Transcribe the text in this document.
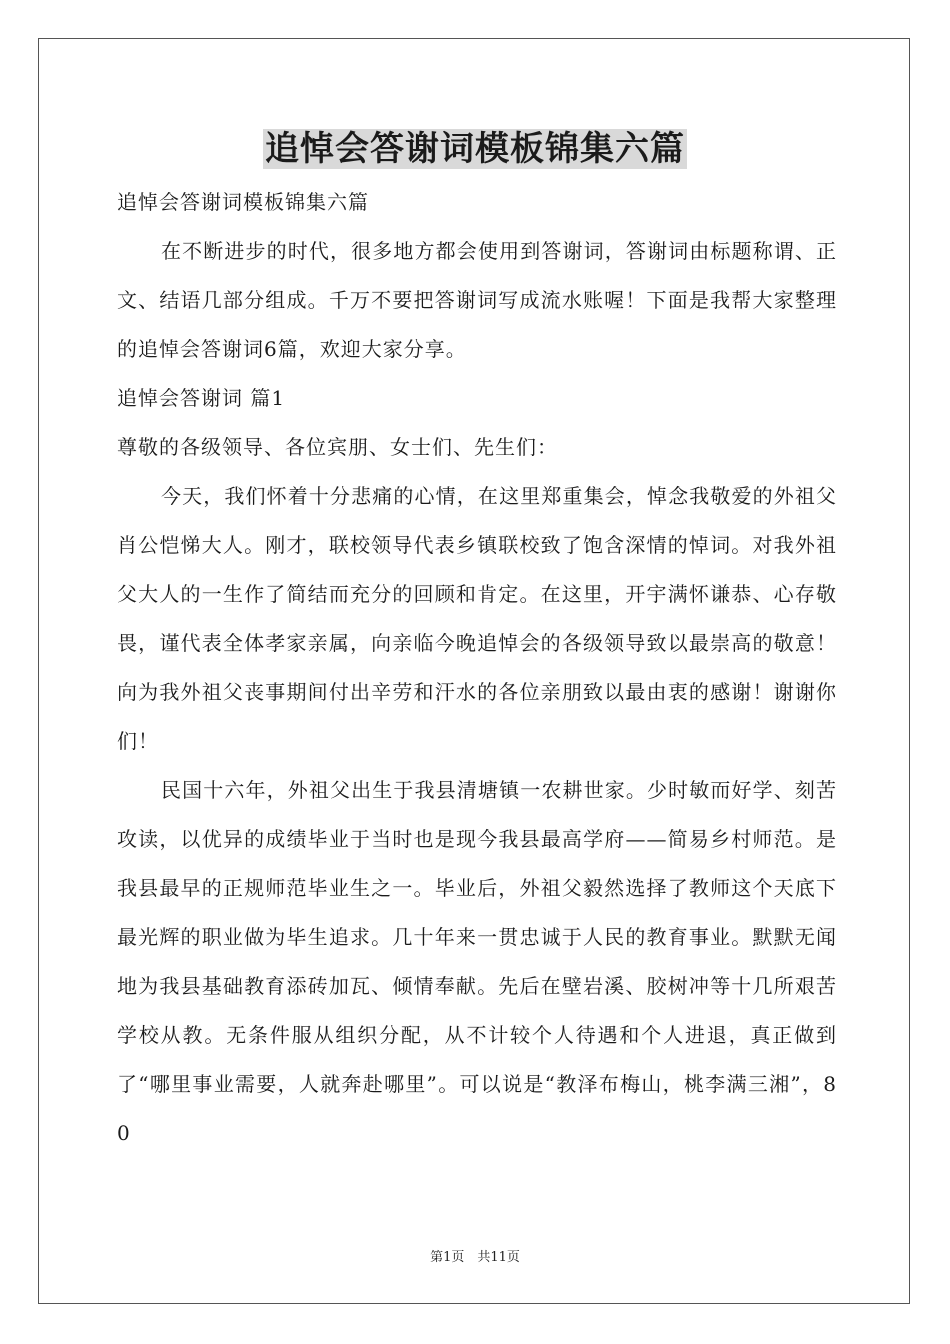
追悼会答谢词模板锦集六篇

追悼会答谢词模板锦集六篇

在不断进步的时代，很多地方都会使用到答谢词，答谢词由标题称谓、正文、结语几部分组成。千万不要把答谢词写成流水账喔！下面是我帮大家整理的追悼会答谢词6篇，欢迎大家分享。

追悼会答谢词 篇1

尊敬的各级领导、各位宾朋、女士们、先生们：

今天，我们怀着十分悲痛的心情，在这里郑重集会，悼念我敬爱的外祖父肖公恺悌大人。刚才，联校领导代表乡镇联校致了饱含深情的悼词。对我外祖父大人的一生作了简结而充分的回顾和肯定。在这里，开宇满怀谦恭、心存敬畏，谨代表全体孝家亲属，向亲临今晚追悼会的各级领导致以最崇高的敬意！向为我外祖父丧事期间付出辛劳和汗水的各位亲朋致以最由衷的感谢！谢谢你们！

民国十六年，外祖父出生于我县清塘镇一农耕世家。少时敏而好学、刻苦攻读，以优异的成绩毕业于当时也是现今我县最高学府——简易乡村师范。是我县最早的正规师范毕业生之一。毕业后，外祖父毅然选择了教师这个天底下最光辉的职业做为毕生追求。几十年来一贯忠诚于人民的教育事业。默默无闻地为我县基础教育添砖加瓦、倾情奉献。先后在壁岩溪、胶树冲等十几所艰苦学校从教。无条件服从组织分配，从不计较个人待遇和个人进退，真正做到了“哪里事业需要，人就奔赴哪里”。可以说是“教泽布梅山，桃李满三湘”，80

第1页　共11页
